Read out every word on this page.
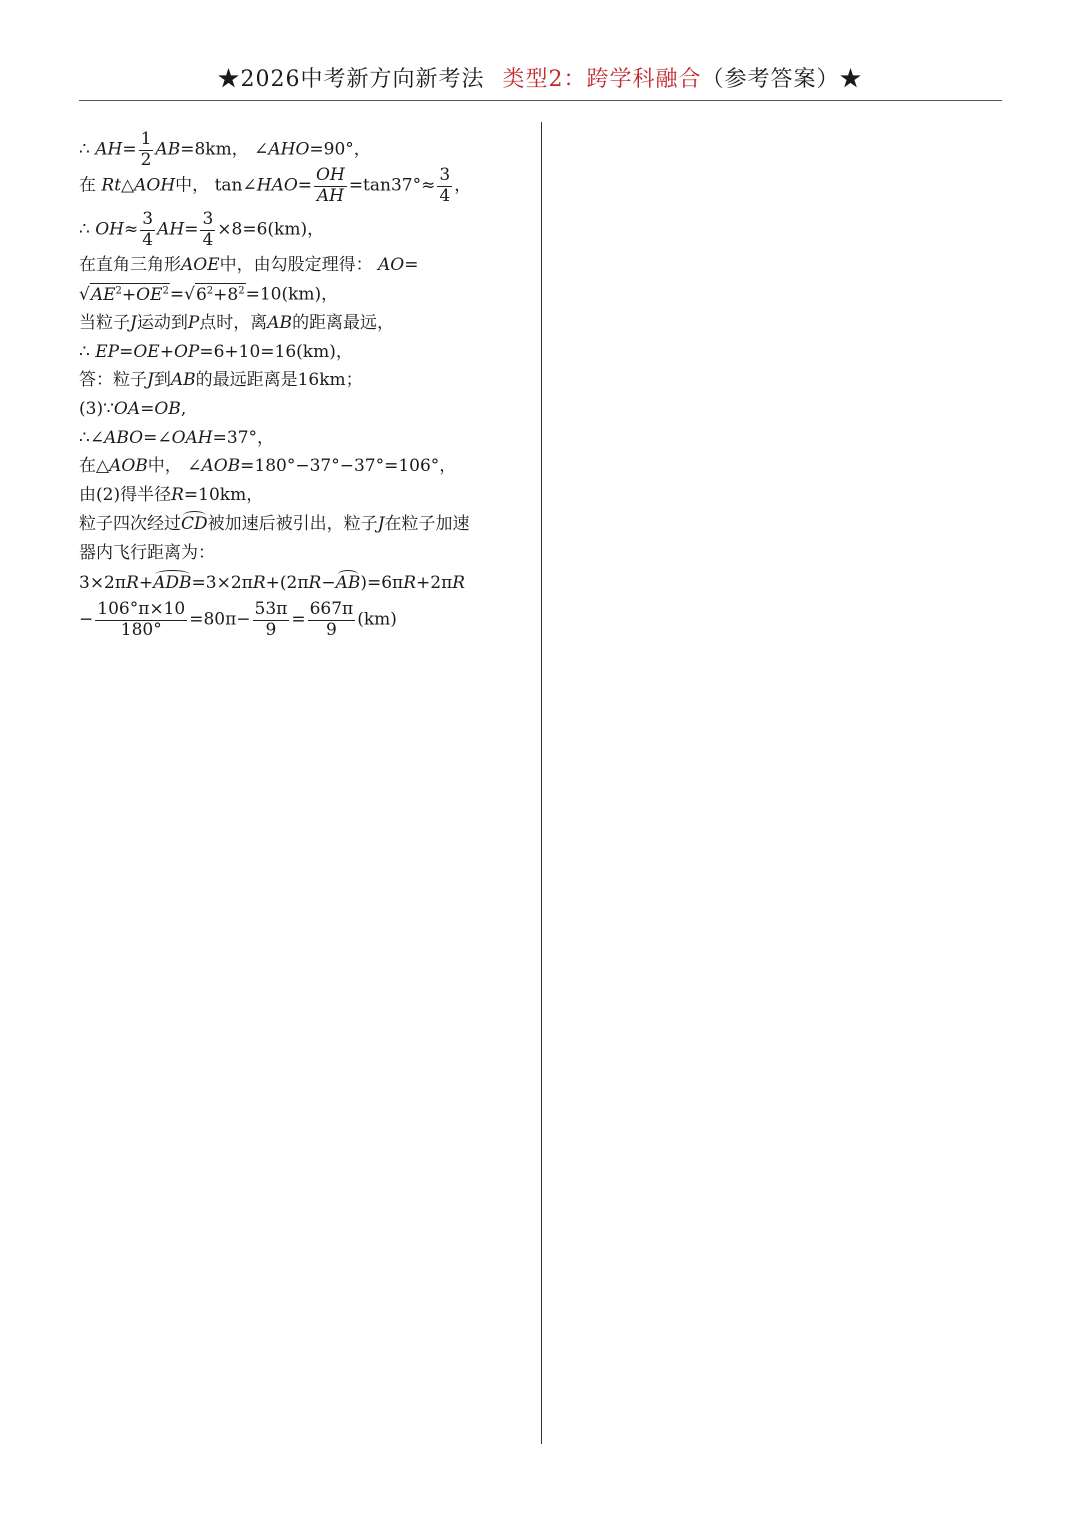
★2026中考新方向新考法 类型2：跨学科融合（参考答案）★
∴ $AH= \frac{1}{2} AB=8km$， ∠AHO=90°，
在 Rt△AOH中， tan∠HAO= $\frac{OH}{AH} =\tan 37^\circ\approx \frac{3}{4}$ ，
∴ $OH\approx \frac{3}{4} AH= \frac{3}{4} \times 8=6(km)$，
在直角三角形AOE中，由勾股定理得： AO=
$√AE^2+OE^2=√6^2+8^2=10(km)$，
当粒子J运动到P点时，离AB的距离最远，
∴ EP=OE+OP=6+10=16(km)，
答：粒子J到AB的最远距离是16km；
(3)∵OA=OB,
∴∠ABO=∠OAH=37°，
在△AOB中， ∠AOB=180°−37°−37°=106°，
由(2)得半径R=10km，
粒子四次经过CD被加速后被引出，粒子J在粒子加速
器内飞行距离为：
3×2πR+ADB=3×2πR+(2πR−AB)=6πR+2πR
− $\frac{106^\circ\pi\times 10}{180^\circ} =80\pi- \frac{53\pi}{9} = \frac{667\pi}{9} (km)$
